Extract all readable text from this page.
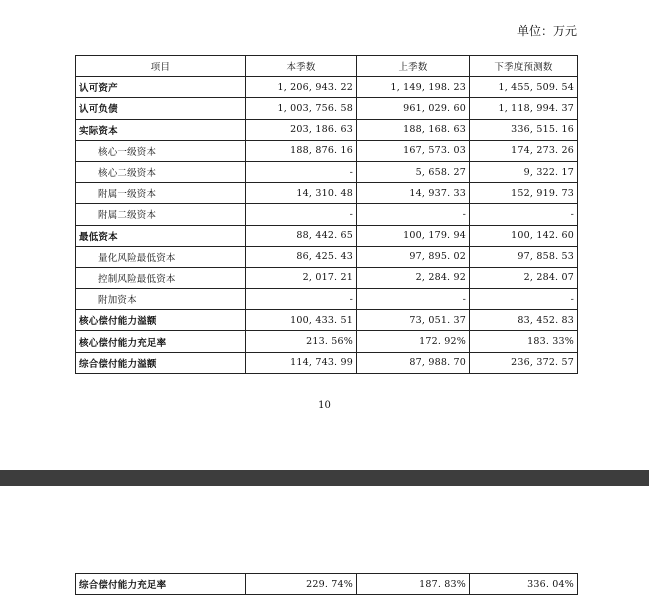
单位：万元
项目	本季数	上季数	下季度预测数
认可资产	1, 206, 943. 22	1, 149, 198. 23	1, 455, 509. 54
认可负债	1, 003, 756. 58	961, 029. 60	1, 118, 994. 37
实际资本	203, 186. 63	188, 168. 63	336, 515. 16
核心一级资本	188, 876. 16	167, 573. 03	174, 273. 26
核心二级资本	-	5, 658. 27	9, 322. 17
附属一级资本	14, 310. 48	14, 937. 33	152, 919. 73
附属二级资本	-	-	-
最低资本	88, 442. 65	100, 179. 94	100, 142. 60
量化风险最低资本	86, 425. 43	97, 895. 02	97, 858. 53
控制风险最低资本	2, 017. 21	2, 284. 92	2, 284. 07
附加资本	-	-	-
核心偿付能力溢额	100, 433. 51	73, 051. 37	83, 452. 83
核心偿付能力充足率	213. 56%	172. 92%	183. 33%
综合偿付能力溢额	114, 743. 99	87, 988. 70	236, 372. 57
10
综合偿付能力充足率	229. 74%	187. 83%	336. 04%
